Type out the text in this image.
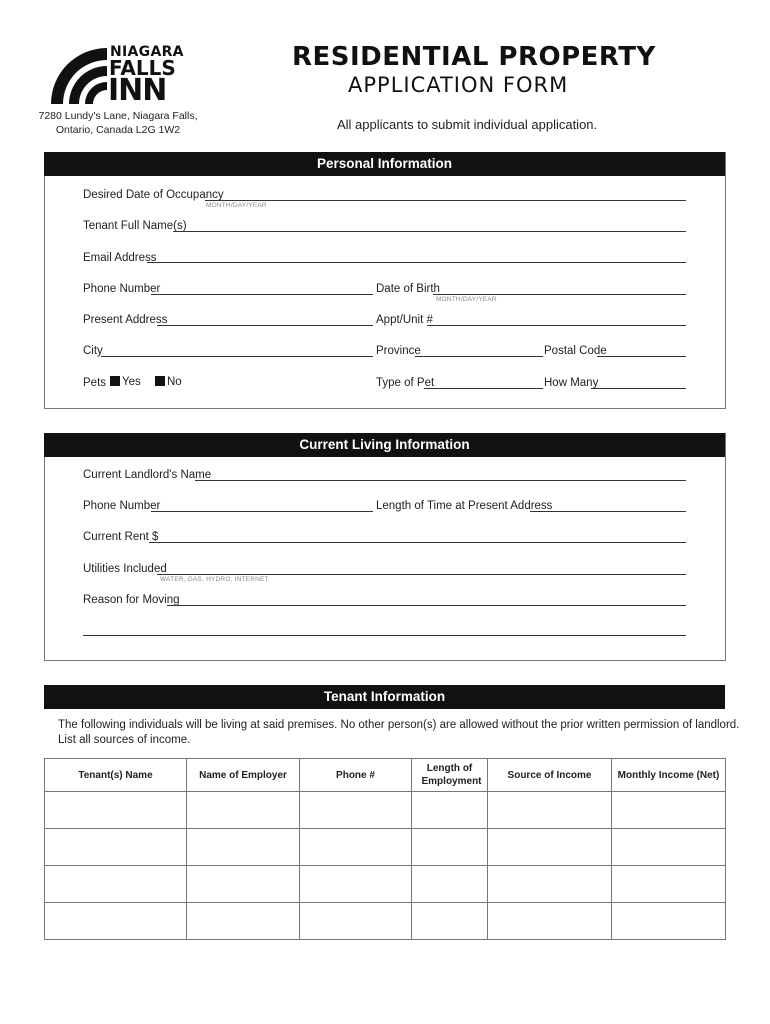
NIAGARA
FALLS
INN
7280 Lundy's Lane, Niagara Falls,
Ontario, Canada L2G 1W2
RESIDENTIAL PROPERTY
APPLICATION FORM
All applicants to submit individual application.
Personal Information
Desired Date of Occupancy
MONTH/DAY/YEAR
Tenant Full Name(s)
Email Address
Phone Number	Date of Birth
MONTH/DAY/YEAR
Present Address	Appt/Unit #
City	Province	Postal Code
Pets Yes No	Type of Pet	How Many
Current Living Information
Current Landlord's Name
Phone Number	Length of Time at Present Address
Current Rent $
Utilities Included
WATER, GAS, HYDRO, INTERNET
Reason for Moving
Tenant Information
The following individuals will be living at said premises. No other person(s) are allowed without the prior written permission of landlord.
List all sources of income.
Tenant(s) Name	Name of Employer	Phone #	Length of Employment	Source of Income	Monthly Income (Net)
